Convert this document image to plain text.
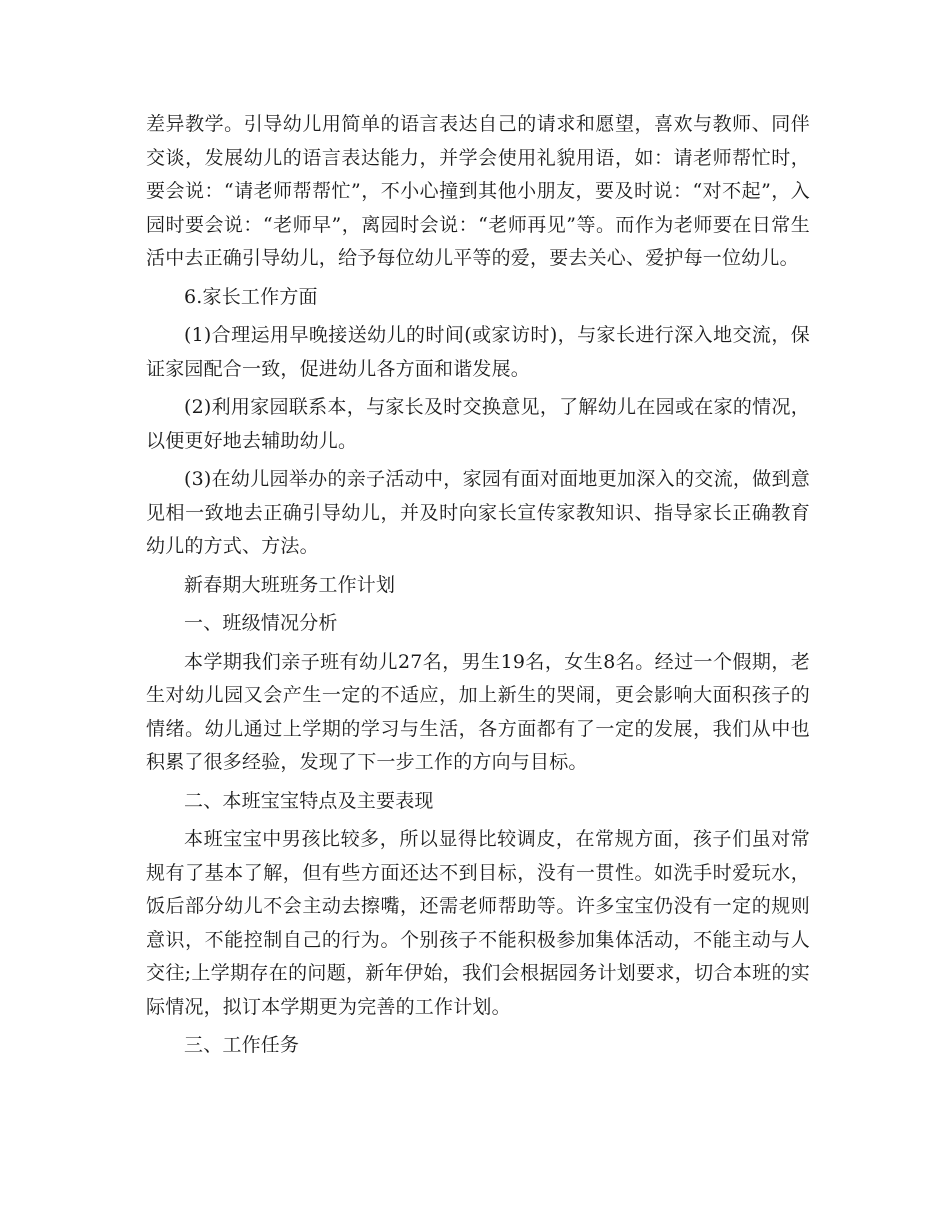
差异教学。引导幼儿用简单的语言表达自己的请求和愿望，喜欢与教师、同伴交谈，发展幼儿的语言表达能力，并学会使用礼貌用语，如：请老师帮忙时，要会说：“请老师帮帮忙”，不小心撞到其他小朋友，要及时说：“对不起”，入园时要会说：“老师早”，离园时会说：“老师再见”等。而作为老师要在日常生活中去正确引导幼儿，给予每位幼儿平等的爱，要去关心、爱护每一位幼儿。

6.家长工作方面

(1)合理运用早晚接送幼儿的时间(或家访时)，与家长进行深入地交流，保证家园配合一致，促进幼儿各方面和谐发展。

(2)利用家园联系本，与家长及时交换意见，了解幼儿在园或在家的情况，以便更好地去辅助幼儿。

(3)在幼儿园举办的亲子活动中，家园有面对面地更加深入的交流，做到意见相一致地去正确引导幼儿，并及时向家长宣传家教知识、指导家长正确教育幼儿的方式、方法。

新春期大班班务工作计划

一、班级情况分析

本学期我们亲子班有幼儿27名，男生19名，女生8名。经过一个假期，老生对幼儿园又会产生一定的不适应，加上新生的哭闹，更会影响大面积孩子的情绪。幼儿通过上学期的学习与生活，各方面都有了一定的发展，我们从中也积累了很多经验，发现了下一步工作的方向与目标。

二、本班宝宝特点及主要表现

本班宝宝中男孩比较多，所以显得比较调皮，在常规方面，孩子们虽对常规有了基本了解，但有些方面还达不到目标，没有一贯性。如洗手时爱玩水，饭后部分幼儿不会主动去擦嘴，还需老师帮助等。许多宝宝仍没有一定的规则意识，不能控制自己的行为。个别孩子不能积极参加集体活动，不能主动与人交往;上学期存在的问题，新年伊始，我们会根据园务计划要求，切合本班的实际情况，拟订本学期更为完善的工作计划。

三、工作任务
